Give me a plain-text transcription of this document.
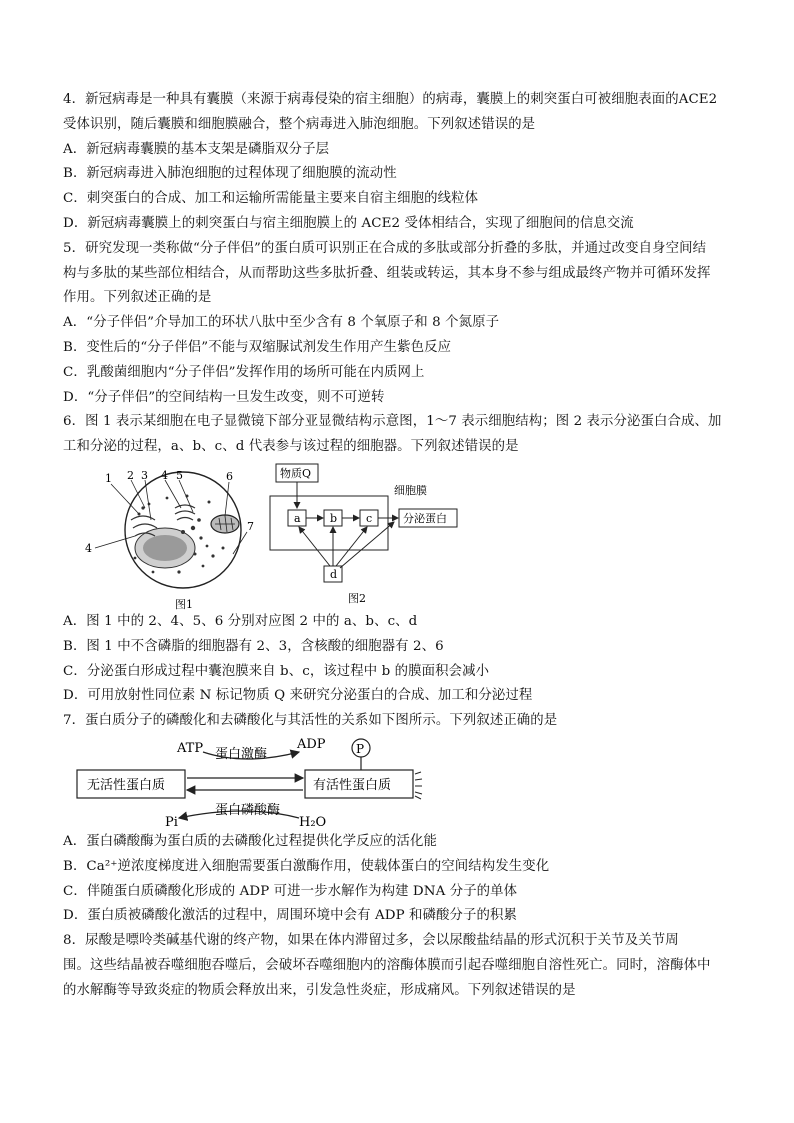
4．新冠病毒是一种具有囊膜（来源于病毒侵染的宿主细胞）的病毒，囊膜上的刺突蛋白可被细胞表面的ACE2
受体识别，随后囊膜和细胞膜融合，整个病毒进入肺泡细胞。下列叙述错误的是
A．新冠病毒囊膜的基本支架是磷脂双分子层
B．新冠病毒进入肺泡细胞的过程体现了细胞膜的流动性
C．刺突蛋白的合成、加工和运输所需能量主要来自宿主细胞的线粒体
D．新冠病毒囊膜上的刺突蛋白与宿主细胞膜上的 ACE2 受体相结合，实现了细胞间的信息交流
5．研究发现一类称做“分子伴侣”的蛋白质可识别正在合成的多肽或部分折叠的多肽，并通过改变自身空间结
构与多肽的某些部位相结合，从而帮助这些多肽折叠、组装或转运，其本身不参与组成最终产物并可循环发挥
作用。下列叙述正确的是
A．“分子伴侣”介导加工的环状八肽中至少含有 8 个氧原子和 8 个氮原子
B．变性后的“分子伴侣”不能与双缩脲试剂发生作用产生紫色反应
C．乳酸菌细胞内“分子伴侣”发挥作用的场所可能在内质网上
D．“分子伴侣”的空间结构一旦发生改变，则不可逆转
6．图 1 表示某细胞在电子显微镜下部分亚显微结构示意图，1～7 表示细胞结构；图 2 表示分泌蛋白合成、加
工和分泌的过程，a、b、c、d 代表参与该过程的细胞器。下列叙述错误的是
1 2 3 4 5	6
7
4
图1
物质Q
a	b	c
细胞膜
分泌蛋白
d
图2
A．图 1 中的 2、4、5、6 分别对应图 2 中的 a、b、c、d
B．图 1 中不含磷脂的细胞器有 2、3，含核酸的细胞器有 2、6
C．分泌蛋白形成过程中囊泡膜来自 b、c，该过程中 b 的膜面积会减小
D．可用放射性同位素 N 标记物质 Q 来研究分泌蛋白的合成、加工和分泌过程
7．蛋白质分子的磷酸化和去磷酸化与其活性的关系如下图所示。下列叙述正确的是
ATP 蛋白激酶
ADP	P
无活性蛋白质	有活性蛋白质
蛋白磷酸酶
Pi	H₂O
A．蛋白磷酸酶为蛋白质的去磷酸化过程提供化学反应的活化能
B．Ca²⁺逆浓度梯度进入细胞需要蛋白激酶作用，使载体蛋白的空间结构发生变化
C．伴随蛋白质磷酸化形成的 ADP 可进一步水解作为构建 DNA 分子的单体
D．蛋白质被磷酸化激活的过程中，周围环境中会有 ADP 和磷酸分子的积累
8．尿酸是嘌呤类碱基代谢的终产物，如果在体内滞留过多，会以尿酸盐结晶的形式沉积于关节及关节周
围。这些结晶被吞噬细胞吞噬后，会破坏吞噬细胞内的溶酶体膜而引起吞噬细胞自溶性死亡。同时，溶酶体中
的水解酶等导致炎症的物质会释放出来，引发急性炎症，形成痛风。下列叙述错误的是
